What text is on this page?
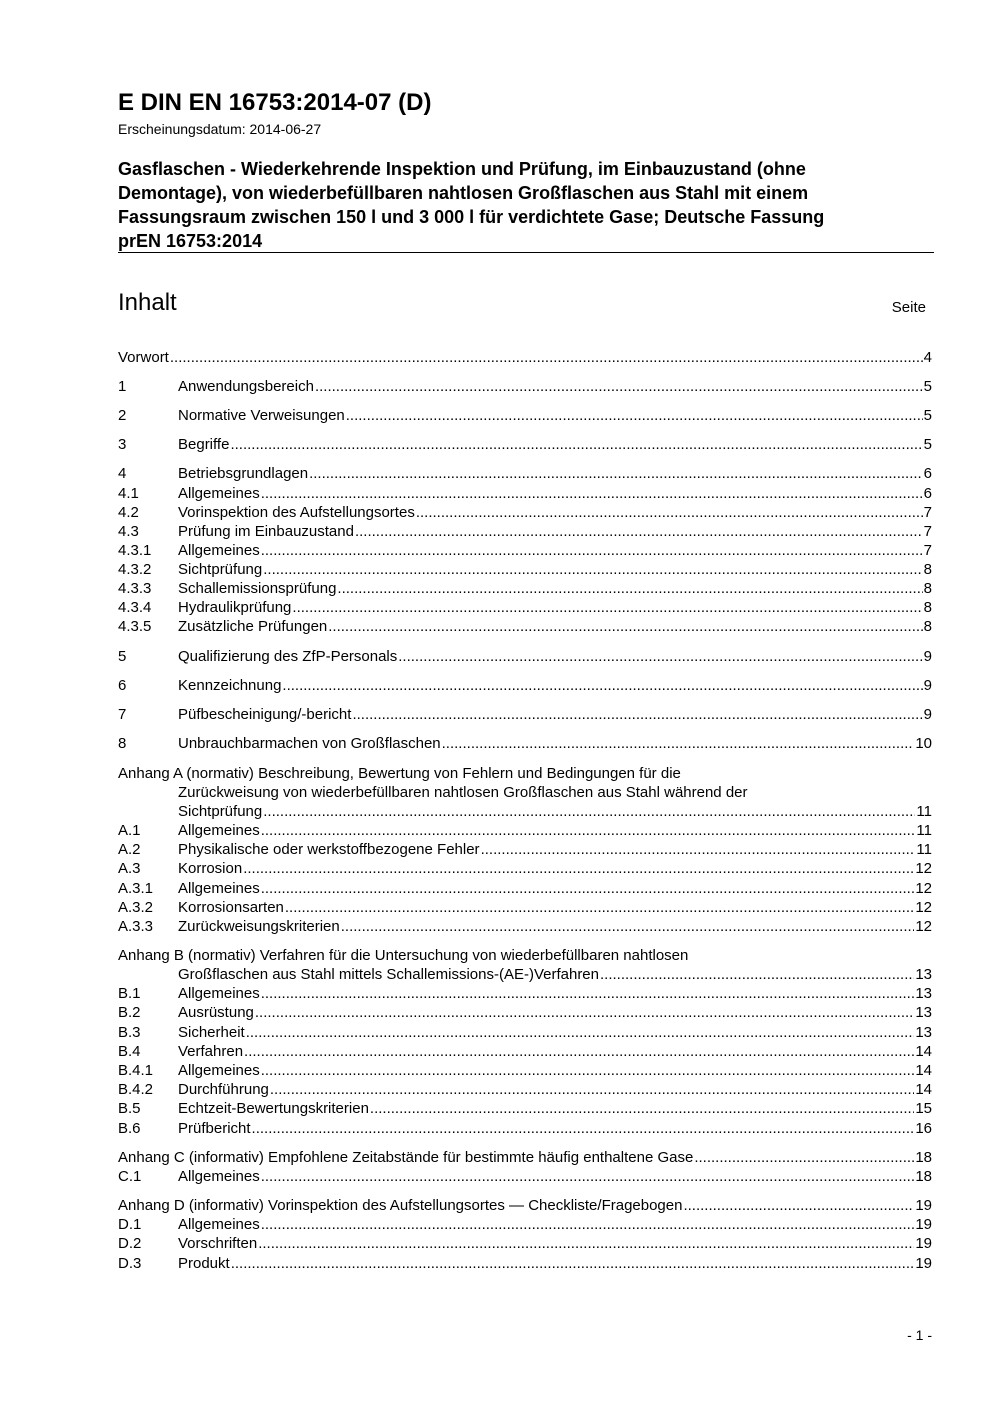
E DIN EN 16753:2014-07 (D)
Erscheinungsdatum: 2014-06-27
Gasflaschen - Wiederkehrende Inspektion und Prüfung, im Einbauzustand (ohne
Demontage), von wiederbefüllbaren nahtlosen Großflaschen aus Stahl mit einem
Fassungsraum zwischen 150 l und 3 000 l für verdichtete Gase; Deutsche Fassung
prEN 16753:2014
Inhalt	Seite
Vorwort .....	4
1	Anwendungsbereich .....	5
2	Normative Verweisungen .....	5
3	Begriffe .....	5
4	Betriebsgrundlagen .....	6
4.1	Allgemeines .....	6
4.2	Vorinspektion des Aufstellungsortes .....	7
4.3	Prüfung im Einbauzustand .....	7
4.3.1	Allgemeines .....	7
4.3.2	Sichtprüfung .....	8
4.3.3	Schallemissionsprüfung .....	8
4.3.4	Hydraulikprüfung .....	8
4.3.5	Zusätzliche Prüfungen .....	8
5	Qualifizierung des ZfP-Personals .....	9
6	Kennzeichnung .....	9
7	Püfbescheinigung/-bericht .....	9
8	Unbrauchbarmachen von Großflaschen .....	10
Anhang A (normativ) Beschreibung, Bewertung von Fehlern und Bedingungen für die
Zurückweisung von wiederbefüllbaren nahtlosen Großflaschen aus Stahl während der
Sichtprüfung .....	11
A.1	Allgemeines .....	11
A.2	Physikalische oder werkstoffbezogene Fehler .....	11
A.3	Korrosion .....	12
A.3.1	Allgemeines .....	12
A.3.2	Korrosionsarten .....	12
A.3.3	Zurückweisungskriterien .....	12
Anhang B (normativ) Verfahren für die Untersuchung von wiederbefüllbaren nahtlosen
Großflaschen aus Stahl mittels Schallemissions-(AE-)Verfahren .....	13
B.1	Allgemeines .....	13
B.2	Ausrüstung .....	13
B.3	Sicherheit .....	13
B.4	Verfahren .....	14
B.4.1	Allgemeines .....	14
B.4.2	Durchführung .....	14
B.5	Echtzeit-Bewertungskriterien .....	15
B.6	Prüfbericht .....	16
Anhang C (informativ) Empfohlene Zeitabstände für bestimmte häufig enthaltene Gase .....	18
C.1	Allgemeines .....	18
Anhang D (informativ) Vorinspektion des Aufstellungsortes — Checkliste/Fragebogen .....	19
D.1	Allgemeines .....	19
D.2	Vorschriften .....	19
D.3	Produkt .....	19
- 1 -
